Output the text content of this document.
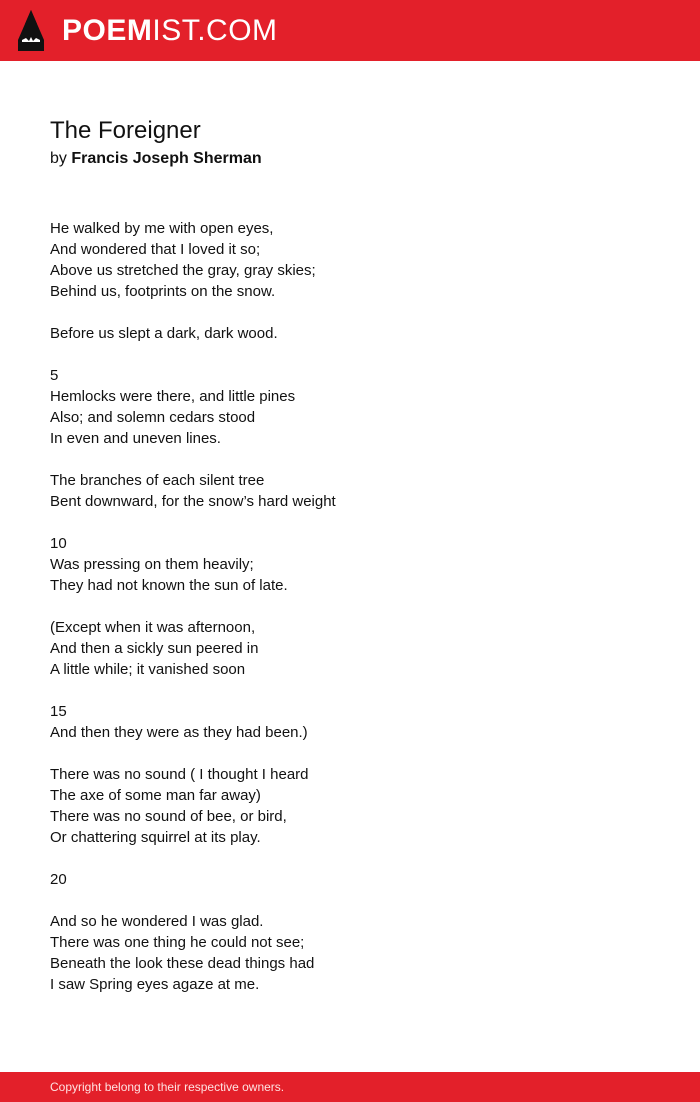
POEMIST.COM
The Foreigner

by Francis Joseph Sherman

He walked by me with open eyes,
And wondered that I loved it so;
Above us stretched the gray, gray skies;
Behind us, footprints on the snow.
Before us slept a dark, dark wood.
5
Hemlocks were there, and little pines
Also; and solemn cedars stood
In even and uneven lines.
The branches of each silent tree
Bent downward, for the snow’s hard weight
10
Was pressing on them heavily;
They had not known the sun of late.
(Except when it was afternoon,
And then a sickly sun peered in
A little while; it vanished soon
15
And then they were as they had been.)
There was no sound ( I thought I heard
The axe of some man far away)
There was no sound of bee, or bird,
Or chattering squirrel at its play.
20
And so he wondered I was glad.
There was one thing he could not see;
Beneath the look these dead things had
I saw Spring eyes agaze at me.
Copyright belong to their respective owners.
